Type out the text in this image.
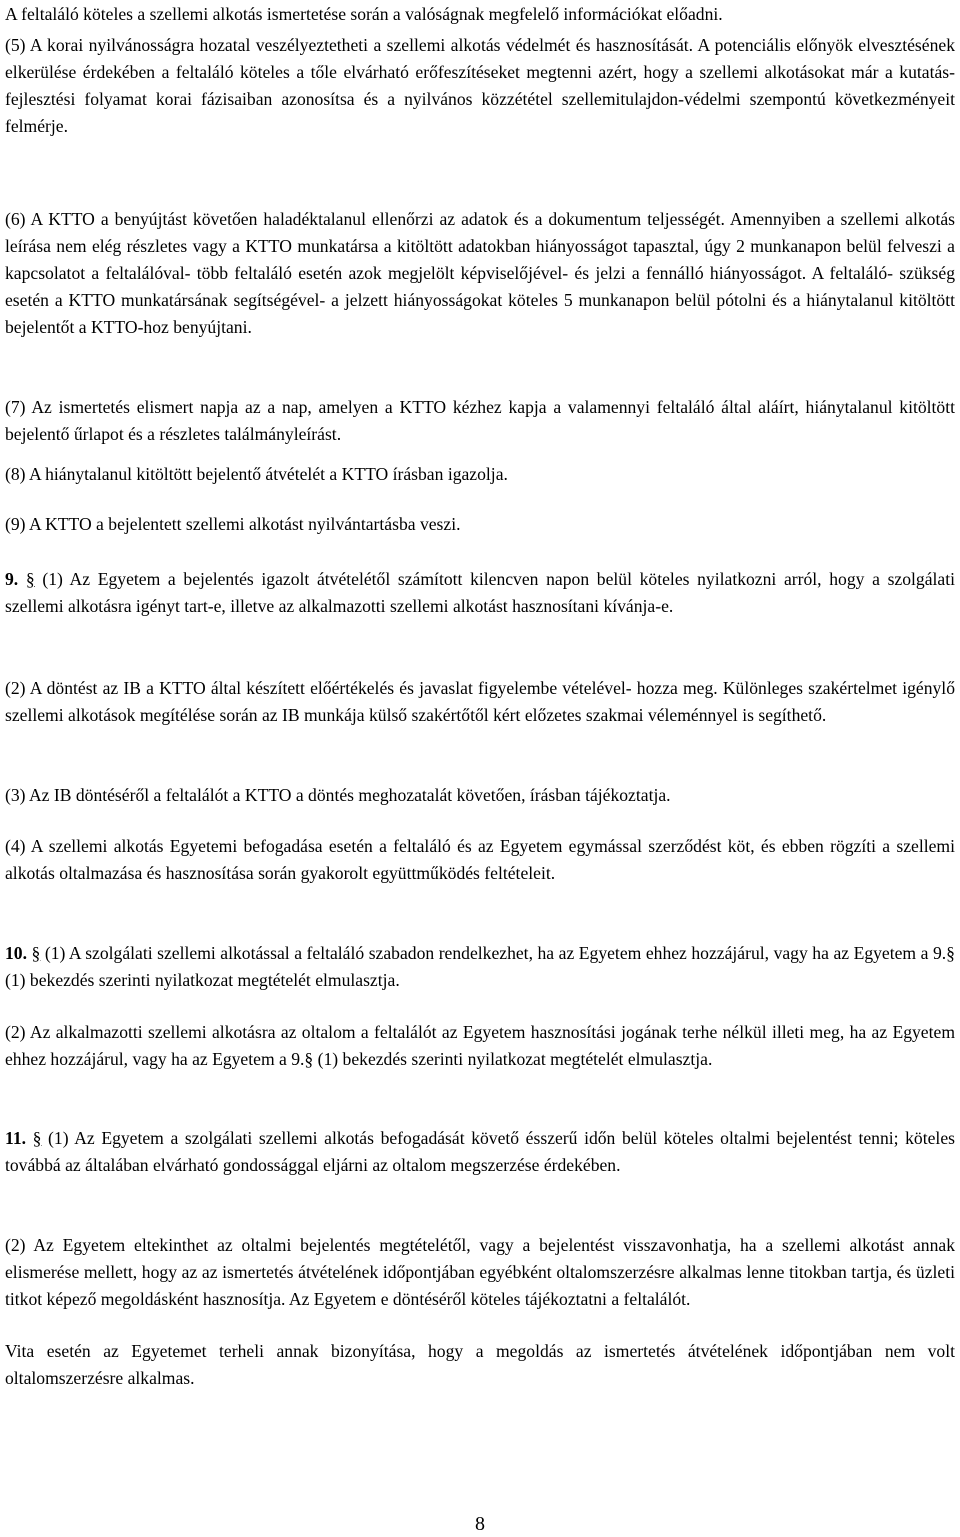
A feltaláló köteles a szellemi alkotás ismertetése során a valóságnak megfelelő információkat előadni.

(5) A korai nyilvánosságra hozatal veszélyeztetheti a szellemi alkotás védelmét és hasznosítását. A potenciális előnyök elvesztésének elkerülése érdekében a feltaláló köteles a tőle elvárható erőfeszítéseket megtenni azért, hogy a szellemi alkotásokat már a kutatás-fejlesztési folyamat korai fázisaiban azonosítsa és a nyilvános közzététel szellemitulajdon-védelmi szempontú következményeit felmérje.

(6) A KTTO a benyújtást követően haladéktalanul ellenőrzi az adatok és a dokumentum teljességét. Amennyiben a szellemi alkotás leírása nem elég részletes vagy a KTTO munkatársa a kitöltött adatokban hiányosságot tapasztal, úgy 2 munkanapon belül felveszi a kapcsolatot a feltalálóval- több feltaláló esetén azok megjelölt képviselőjével- és jelzi a fennálló hiányosságot. A feltaláló- szükség esetén a KTTO munkatársának segítségével- a jelzett hiányosságokat köteles 5 munkanapon belül pótolni és a hiánytalanul kitöltött bejelentőt a KTTO-hoz benyújtani.

(7) Az ismertetés elismert napja az a nap, amelyen a KTTO kézhez kapja a valamennyi feltaláló által aláírt, hiánytalanul kitöltött bejelentő űrlapot és a részletes találmányleírást.

(8) A hiánytalanul kitöltött bejelentő átvételét a KTTO írásban igazolja.

(9) A KTTO a bejelentett szellemi alkotást nyilvántartásba veszi.

9. § (1) Az Egyetem a bejelentés igazolt átvételétől számított kilencven napon belül köteles nyilatkozni arról, hogy a szolgálati szellemi alkotásra igényt tart-e, illetve az alkalmazotti szellemi alkotást hasznosítani kívánja-e.

(2) A döntést az IB a KTTO által készített előértékelés és javaslat figyelembe vételével- hozza meg. Különleges szakértelmet igénylő szellemi alkotások megítélése során az IB munkája külső szakértőtől kért előzetes szakmai véleménnyel is segíthető.

(3) Az IB döntéséről a feltalálót a KTTO a döntés meghozatalát követően, írásban tájékoztatja.

(4) A szellemi alkotás Egyetemi befogadása esetén a feltaláló és az Egyetem egymással szerződést köt, és ebben rögzíti a szellemi alkotás oltalmazása és hasznosítása során gyakorolt együttműködés feltételeit.

10. § (1) A szolgálati szellemi alkotással a feltaláló szabadon rendelkezhet, ha az Egyetem ehhez hozzájárul, vagy ha az Egyetem a 9.§ (1) bekezdés szerinti nyilatkozat megtételét elmulasztja.

(2) Az alkalmazotti szellemi alkotásra az oltalom a feltalálót az Egyetem hasznosítási jogának terhe nélkül illeti meg, ha az Egyetem ehhez hozzájárul, vagy ha az Egyetem a 9.§ (1) bekezdés szerinti nyilatkozat megtételét elmulasztja.

11. § (1) Az Egyetem a szolgálati szellemi alkotás befogadását követő ésszerű időn belül köteles oltalmi bejelentést tenni; köteles továbbá az általában elvárható gondossággal eljárni az oltalom megszerzése érdekében.

(2) Az Egyetem eltekinthet az oltalmi bejelentés megtételétől, vagy a bejelentést visszavonhatja, ha a szellemi alkotást annak elismerése mellett, hogy az az ismertetés átvételének időpontjában egyébként oltalomszerzésre alkalmas lenne titokban tartja, és üzleti titkot képező megoldásként hasznosítja. Az Egyetem e döntéséről köteles tájékoztatni a feltalálót.

Vita esetén az Egyetemet terheli annak bizonyítása, hogy a megoldás az ismertetés átvételének időpontjában nem volt oltalomszerzésre alkalmas.

8
